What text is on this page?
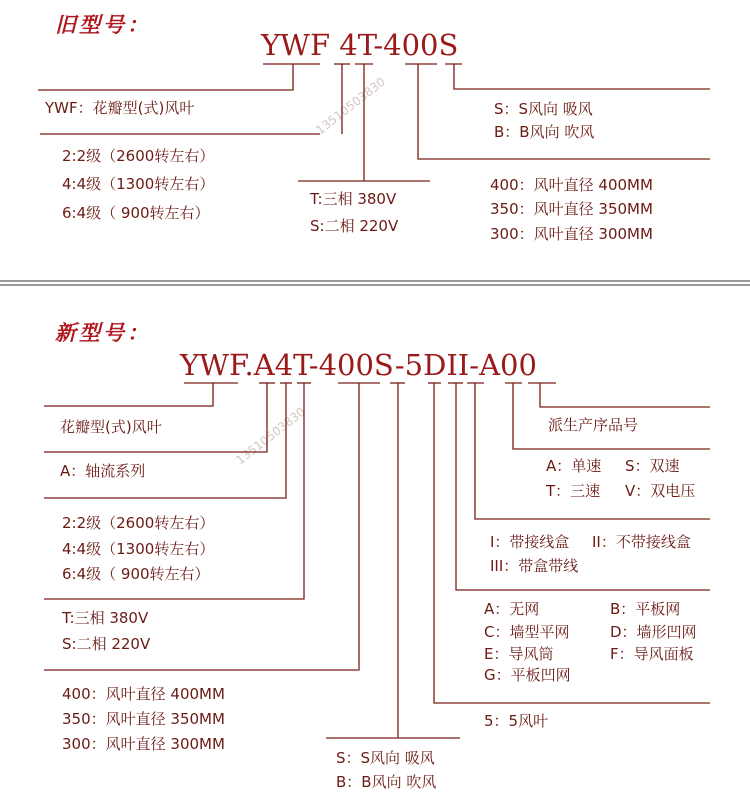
旧型号：
YWF 4T-400S
13510503830
YWF：花瓣型(式)风叶
2:2级（2600转左右）
4:4级（1300转左右）
6:4级（ 900转左右）
T:三相 380V
S:二相 220V
400：风叶直径 400MM
350：风叶直径 350MM
300：风叶直径 300MM
S：S风向 吸风
B：B风向 吹风
新型号：
YWF.A4T-400S-5DII-A00
13510503830
花瓣型(式)风叶
A：轴流系列
2:2级（2600转左右）
4:4级（1300转左右）
6:4级（ 900转左右）
T:三相 380V
S:二相 220V
400：风叶直径 400MM
350：风叶直径 350MM
300：风叶直径 300MM
S：S风向 吸风
B：B风向 吹风
5：5风叶
A：无网	B：平板网
C：墙型平网	D：墙形凹网
E：导风筒	F：导风面板
G：平板凹网
I：带接线盒 II：不带接线盒
III：带盒带线
A：单速 S：双速
T：三速 V：双电压
派生产序品号
